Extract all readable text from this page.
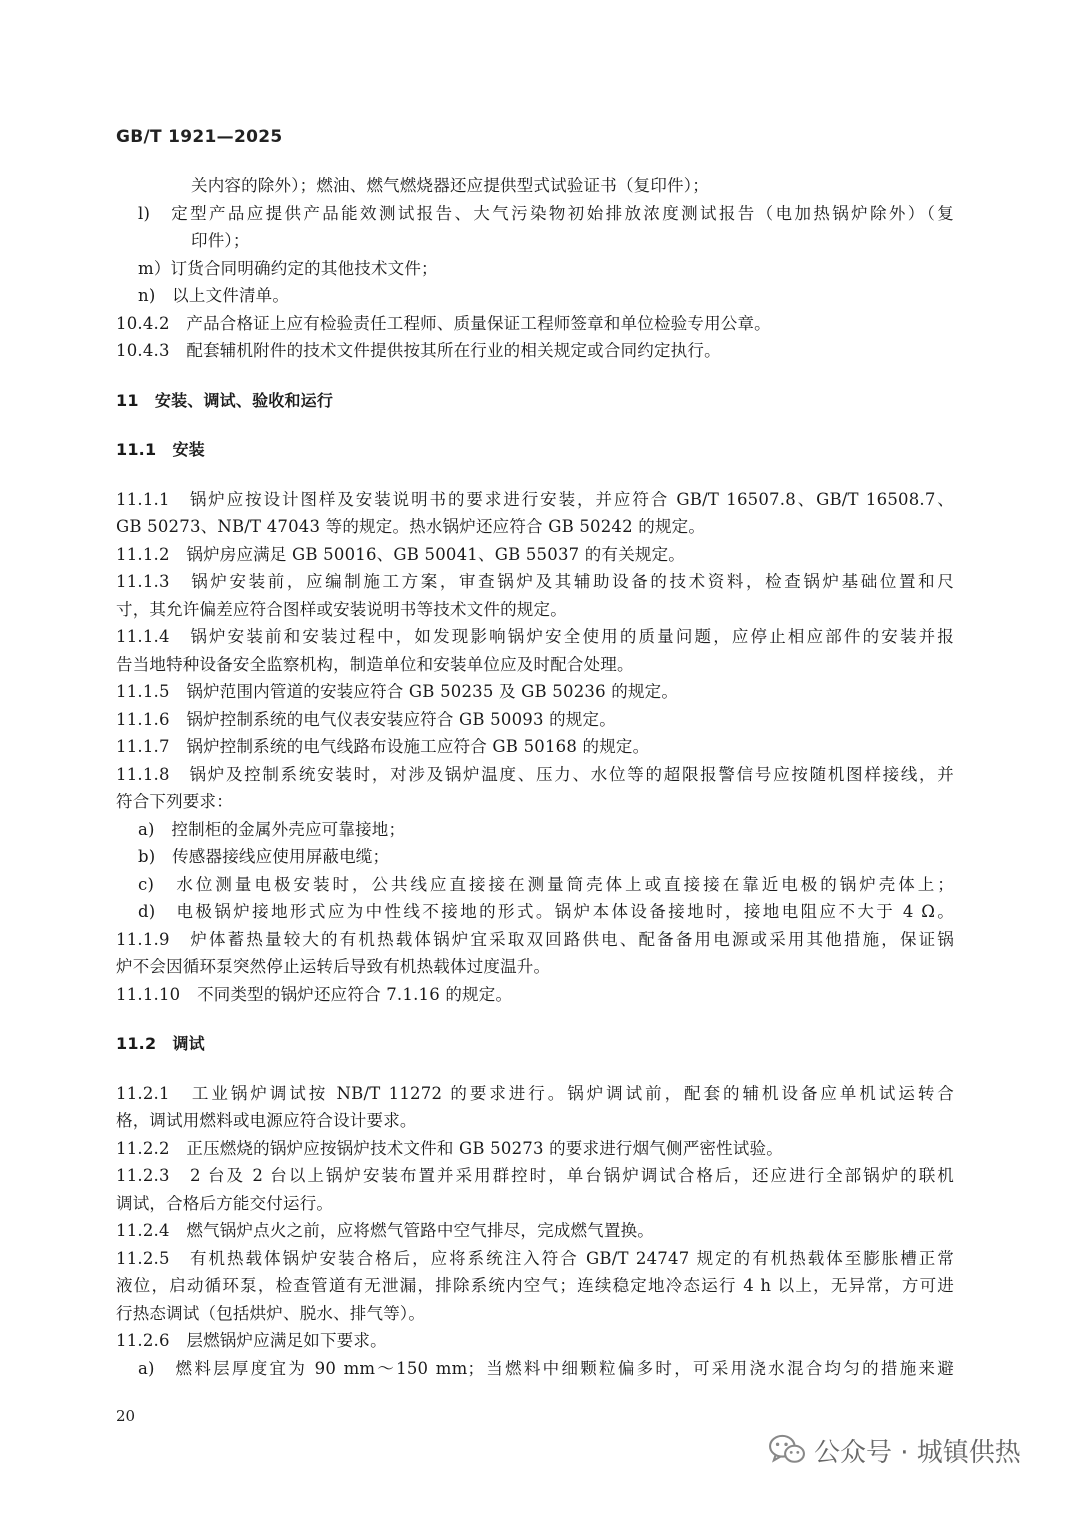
GB/T 1921—2025
关内容的除外）；燃油、燃气燃烧器还应提供型式试验证书（复印件）；
l)　定型产品应提供产品能效测试报告、大气污染物初始排放浓度测试报告（电加热锅炉除外）（复
印件）；
m）订货合同明确约定的其他技术文件；
n)　以上文件清单。
10.4.2　产品合格证上应有检验责任工程师、质量保证工程师签章和单位检验专用公章。
10.4.3　配套辅机附件的技术文件提供按其所在行业的相关规定或合同约定执行。
11　安装、调试、验收和运行
11.1　安装
11.1.1　锅炉应按设计图样及安装说明书的要求进行安装，并应符合 GB/T 16507.8、GB/T 16508.7、
GB 50273、NB/T 47043 等的规定。热水锅炉还应符合 GB 50242 的规定。
11.1.2　锅炉房应满足 GB 50016、GB 50041、GB 55037 的有关规定。
11.1.3　锅炉安装前，应编制施工方案，审查锅炉及其辅助设备的技术资料，检查锅炉基础位置和尺
寸，其允许偏差应符合图样或安装说明书等技术文件的规定。
11.1.4　锅炉安装前和安装过程中，如发现影响锅炉安全使用的质量问题，应停止相应部件的安装并报
告当地特种设备安全监察机构，制造单位和安装单位应及时配合处理。
11.1.5　锅炉范围内管道的安装应符合 GB 50235 及 GB 50236 的规定。
11.1.6　锅炉控制系统的电气仪表安装应符合 GB 50093 的规定。
11.1.7　锅炉控制系统的电气线路布设施工应符合 GB 50168 的规定。
11.1.8　锅炉及控制系统安装时，对涉及锅炉温度、压力、水位等的超限报警信号应按随机图样接线，并
符合下列要求：
a)　控制柜的金属外壳应可靠接地；
b)　传感器接线应使用屏蔽电缆；
c)　水位测量电极安装时，公共线应直接接在测量筒壳体上或直接接在靠近电极的锅炉壳体上；
d)　电极锅炉接地形式应为中性线不接地的形式。锅炉本体设备接地时，接地电阻应不大于 4 Ω。
11.1.9　炉体蓄热量较大的有机热载体锅炉宜采取双回路供电、配备备用电源或采用其他措施，保证锅
炉不会因循环泵突然停止运转后导致有机热载体过度温升。
11.1.10　不同类型的锅炉还应符合 7.1.16 的规定。
11.2　调试
11.2.1　工业锅炉调试按 NB/T 11272 的要求进行。锅炉调试前，配套的辅机设备应单机试运转合
格，调试用燃料或电源应符合设计要求。
11.2.2　正压燃烧的锅炉应按锅炉技术文件和 GB 50273 的要求进行烟气侧严密性试验。
11.2.3　2 台及 2 台以上锅炉安装布置并采用群控时，单台锅炉调试合格后，还应进行全部锅炉的联机
调试，合格后方能交付运行。
11.2.4　燃气锅炉点火之前，应将燃气管路中空气排尽，完成燃气置换。
11.2.5　有机热载体锅炉安装合格后，应将系统注入符合 GB/T 24747 规定的有机热载体至膨胀槽正常
液位，启动循环泵，检查管道有无泄漏，排除系统内空气；连续稳定地冷态运行 4 h 以上，无异常，方可进
行热态调试（包括烘炉、脱水、排气等）。
11.2.6　层燃锅炉应满足如下要求。
a)　燃料层厚度宜为 90 mm～150 mm；当燃料中细颗粒偏多时，可采用浇水混合均匀的措施来避
20
公众号 · 城镇供热
